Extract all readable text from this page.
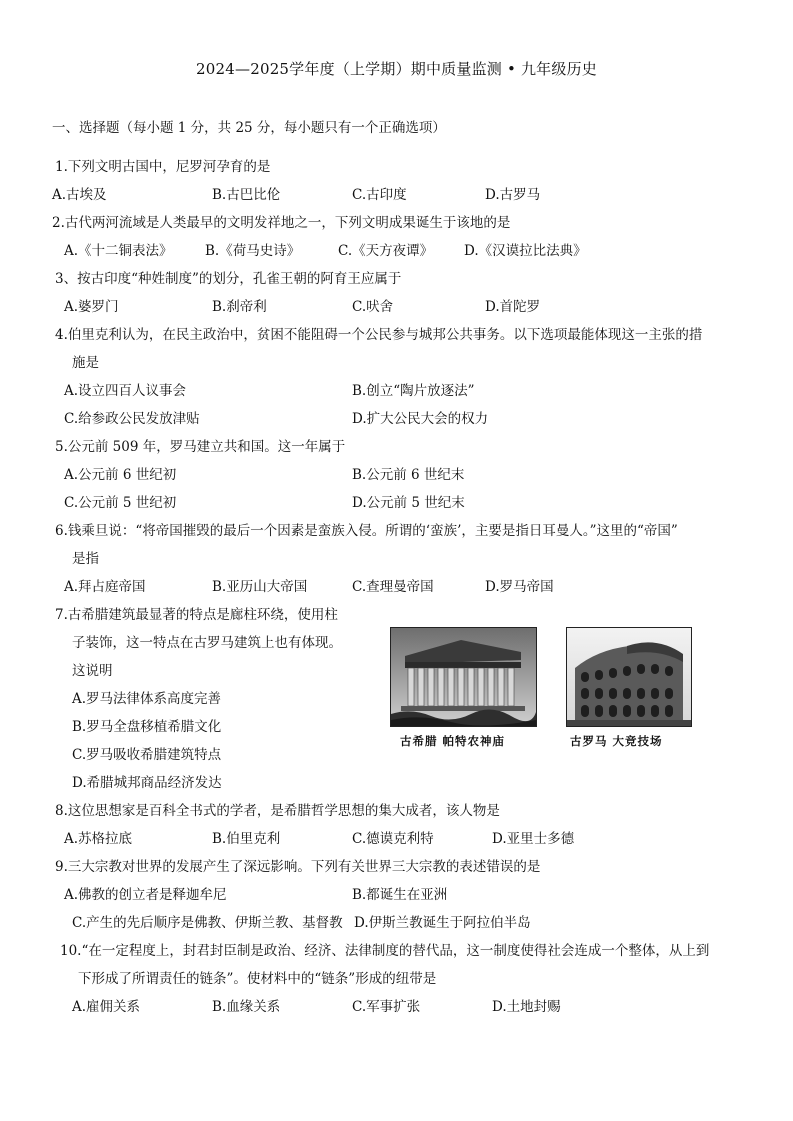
2024—2025学年度（上学期）期中质量监测 • 九年级历史
一、选择题（每小题 1 分，共 25 分，每小题只有一个正确选项）
1.下列文明古国中，尼罗河孕育的是
A.古埃及	B.古巴比伦	C.古印度	D.古罗马
2.古代两河流域是人类最早的文明发祥地之一，下列文明成果诞生于该地的是
A.《十二铜表法》 B.《荷马史诗》	C.《天方夜谭》 D.《汉谟拉比法典》
3、按古印度“种姓制度”的划分，孔雀王朝的阿育王应属于
A.婆罗门	B.刹帝利	C.吠舍	D.首陀罗
4.伯里克利认为，在民主政治中，贫困不能阻碍一个公民参与城邦公共事务。以下选项最能体现这一主张的措
施是
A.设立四百人议事会	B.创立“陶片放逐法”
C.给参政公民发放津贴	D.扩大公民大会的权力
5.公元前 509 年，罗马建立共和国。这一年属于
A.公元前 6 世纪初	B.公元前 6 世纪末
C.公元前 5 世纪初	D.公元前 5 世纪末
6.钱乘旦说：“将帝国摧毁的最后一个因素是蛮族入侵。所谓的‘蛮族’，主要是指日耳曼人。”这里的“帝国”
是指
A.拜占庭帝国	B.亚历山大帝国	C.查理曼帝国	D.罗马帝国
7.古希腊建筑最显著的特点是廊柱环绕，使用柱
子装饰，这一特点在古罗马建筑上也有体现。
这说明
A.罗马法律体系高度完善
B.罗马全盘移植希腊文化
C.罗马吸收希腊建筑特点
D.希腊城邦商品经济发达
古希腊 帕特农神庙	古罗马 大竞技场
8.这位思想家是百科全书式的学者，是希腊哲学思想的集大成者，该人物是
A.苏格拉底	B.伯里克利	C.德谟克利特	D.亚里士多德
9.三大宗教对世界的发展产生了深远影响。下列有关世界三大宗教的表述错误的是
A.佛教的创立者是释迦牟尼	B.都诞生在亚洲
C.产生的先后顺序是佛教、伊斯兰教、基督教 D.伊斯兰教诞生于阿拉伯半岛
10.“在一定程度上，封君封臣制是政治、经济、法律制度的替代品，这一制度使得社会连成一个整体，从上到
下形成了所谓责任的链条”。使材料中的“链条”形成的纽带是
A.雇佣关系	B.血缘关系	C.军事扩张	D.土地封赐
